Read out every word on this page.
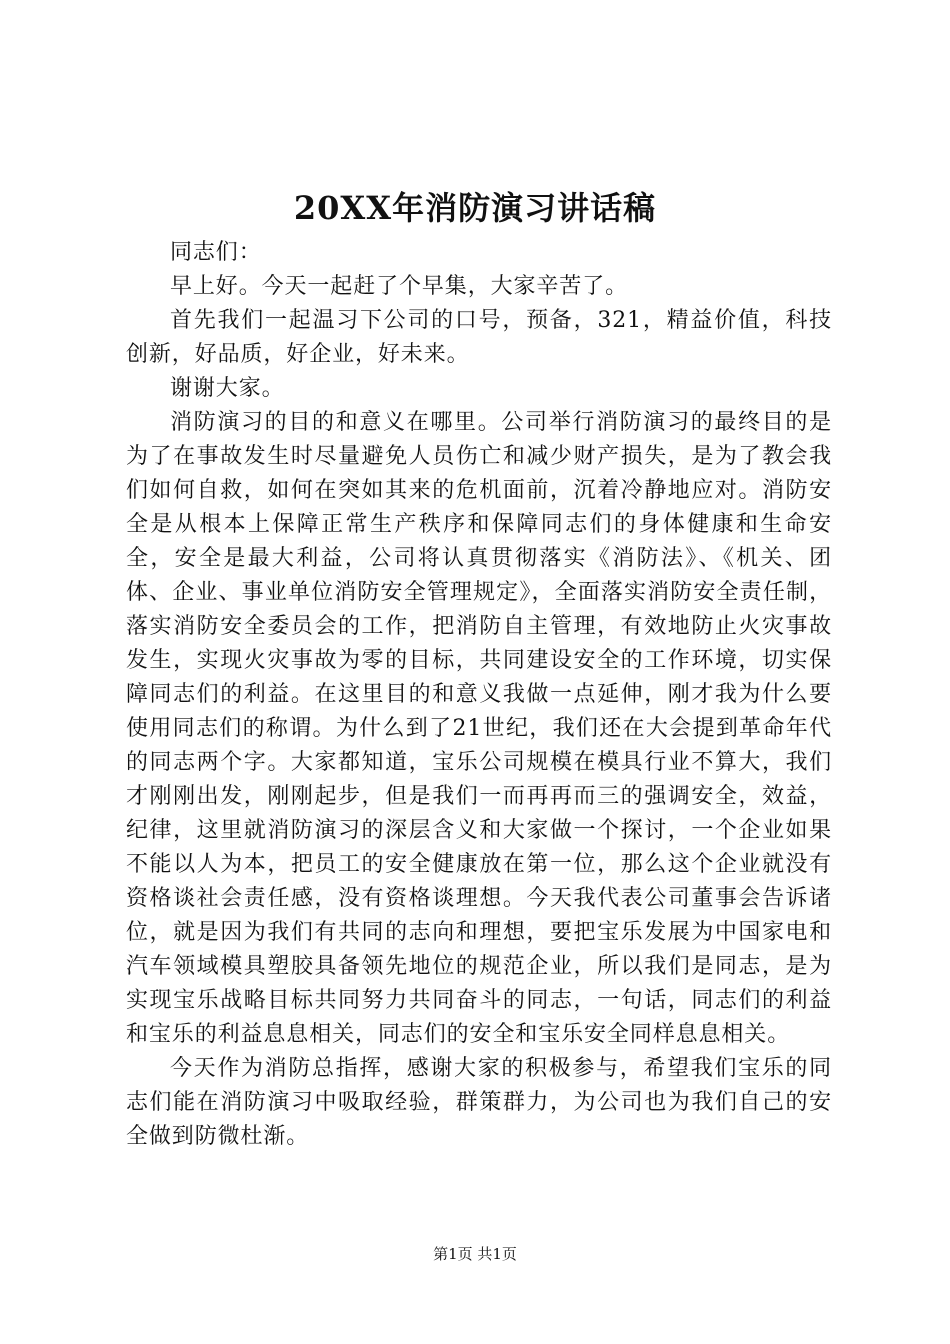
20XX年消防演习讲话稿

同志们：

早上好。今天一起赶了个早集，大家辛苦了。

首先我们一起温习下公司的口号，预备，321，精益价值，科技创新，好品质，好企业，好未来。

谢谢大家。

消防演习的目的和意义在哪里。公司举行消防演习的最终目的是为了在事故发生时尽量避免人员伤亡和减少财产损失，是为了教会我们如何自救，如何在突如其来的危机面前，沉着冷静地应对。消防安全是从根本上保障正常生产秩序和保障同志们的身体健康和生命安全，安全是最大利益，公司将认真贯彻落实《消防法》、《机关、团体、企业、事业单位消防安全管理规定》，全面落实消防安全责任制，落实消防安全委员会的工作，把消防自主管理，有效地防止火灾事故发生，实现火灾事故为零的目标，共同建设安全的工作环境，切实保障同志们的利益。在这里目的和意义我做一点延伸，刚才我为什么要使用同志们的称谓。为什么到了21世纪，我们还在大会提到革命年代的同志两个字。大家都知道，宝乐公司规模在模具行业不算大，我们才刚刚出发，刚刚起步，但是我们一而再再而三的强调安全，效益，纪律，这里就消防演习的深层含义和大家做一个探讨，一个企业如果不能以人为本，把员工的安全健康放在第一位，那么这个企业就没有资格谈社会责任感，没有资格谈理想。今天我代表公司董事会告诉诸位，就是因为我们有共同的志向和理想，要把宝乐发展为中国家电和汽车领域模具塑胶具备领先地位的规范企业，所以我们是同志，是为实现宝乐战略目标共同努力共同奋斗的同志，一句话，同志们的利益和宝乐的利益息息相关，同志们的安全和宝乐安全同样息息相关。

今天作为消防总指挥，感谢大家的积极参与，希望我们宝乐的同志们能在消防演习中吸取经验，群策群力，为公司也为我们自己的安全做到防微杜渐。

第1页 共1页
